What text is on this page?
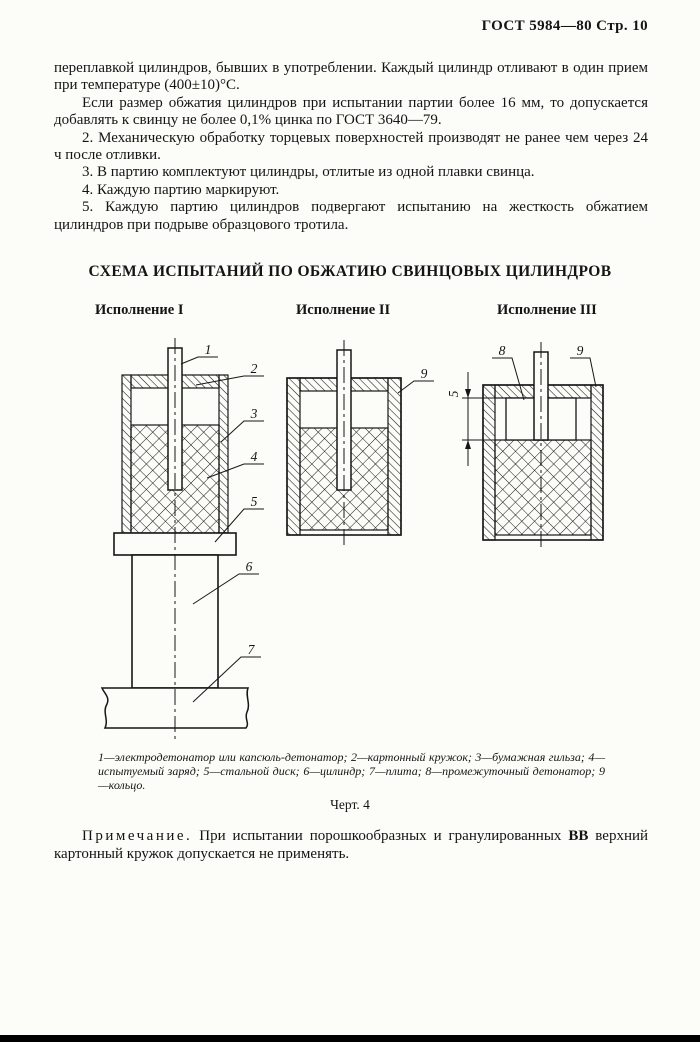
ГОСТ 5984—80 Стр. 10

переплавкой цилиндров, бывших в употреблении. Каждый цилиндр отливают в один прием при температуре (400±10)°С.

Если размер обжатия цилиндров при испытании партии более 16 мм, то допускается добавлять к свинцу не более 0,1% цинка по ГОСТ 3640—79.

2. Механическую обработку торцевых поверхностей производят не ранее чем через 24 ч после отливки.

3. В партию комплектуют цилиндры, отлитые из одной плавки свинца.

4. Каждую партию маркируют.

5. Каждую партию цилиндров подвергают испытанию на жесткость обжатием цилиндров при подрыве образцового тротила.

СХЕМА ИСПЫТАНИЙ ПО ОБЖАТИЮ СВИНЦОВЫХ ЦИЛИНДРОВ
Исполнение I	Исполнение II	Исполнение III
1
2
3
4
5
6
7
9
8	9
5

1—электродетонатор или капсюль-детонатор; 2—картонный кружок; 3—бумажная гильза; 4—испытуемый заряд; 5—стальной диск; 6—цилиндр; 7—плита; 8—промежуточный детонатор; 9—кольцо.

Черт. 4

Примечание. При испытании порошкообразных и гранулированных ВВ верхний картонный кружок допускается не применять.
